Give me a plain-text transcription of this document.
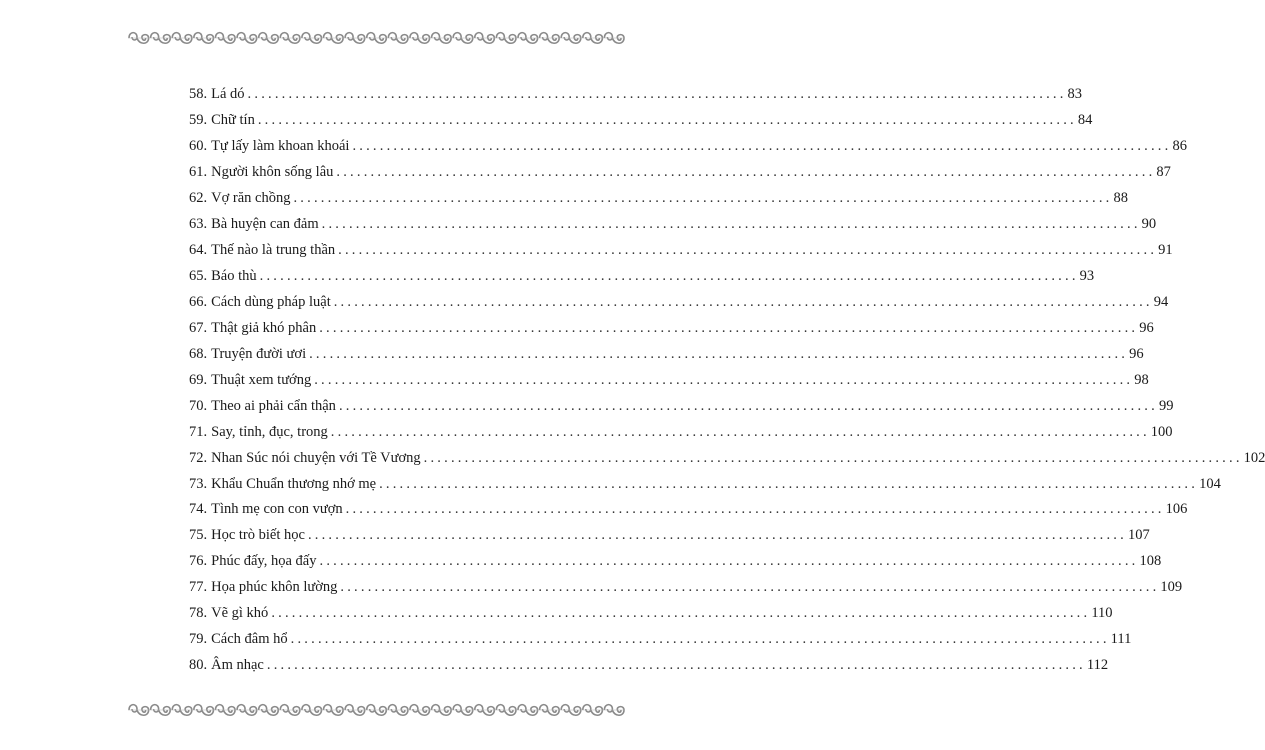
58. Lá dó ........................................................................................................................ 83
59. Chữ tín ........................................................................................................................ 84
60. Tự lấy làm khoan khoái ........................................................................................................................ 86
61. Người khôn sống lâu ........................................................................................................................ 87
62. Vợ răn chồng ........................................................................................................................ 88
63. Bà huyện can đảm ........................................................................................................................ 90
64. Thế nào là trung thần ........................................................................................................................ 91
65. Báo thù ........................................................................................................................ 93
66. Cách dùng pháp luật ........................................................................................................................ 94
67. Thật giả khó phân ........................................................................................................................ 96
68. Truyện đười ươi ........................................................................................................................ 96
69. Thuật xem tướng ........................................................................................................................ 98
70. Theo ai phải cẩn thận ........................................................................................................................ 99
71. Say, tỉnh, đục, trong ........................................................................................................................ 100
72. Nhan Súc nói chuyện với Tề Vương ........................................................................................................................ 102
73. Khẩu Chuẩn thương nhớ mẹ ........................................................................................................................ 104
74. Tình mẹ con con vượn ........................................................................................................................ 106
75. Học trò biết học ........................................................................................................................ 107
76. Phúc đấy, họa đấy ........................................................................................................................ 108
77. Họa phúc khôn lường ........................................................................................................................ 109
78. Vẽ gì khó ........................................................................................................................ 110
79. Cách đâm hổ ........................................................................................................................ 111
80. Âm nhạc ........................................................................................................................ 112
